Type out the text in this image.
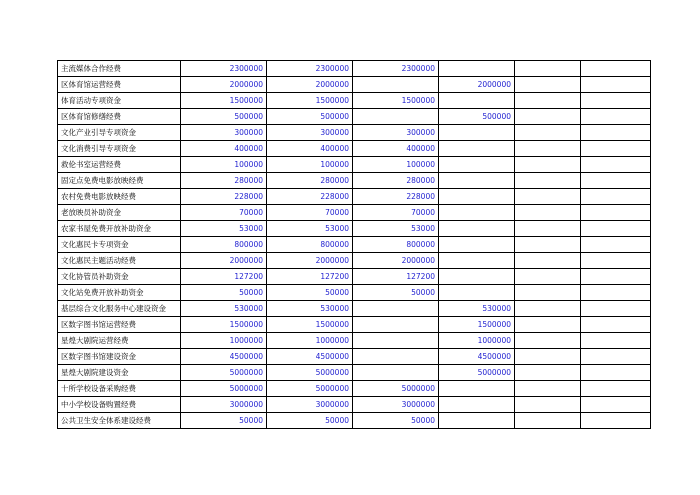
主流媒体合作经费	2300000	2300000	2300000			
区体育馆运营经费	2000000	2000000		2000000		
体育活动专项资金	1500000	1500000	1500000			
区体育馆修缮经费	500000	500000		500000		
文化产业引导专项资金	300000	300000	300000			
文化消费引导专项资金	400000	400000	400000			
救伦书室运营经费	100000	100000	100000			
固定点免费电影放映经费	280000	280000	280000			
农村免费电影放映经费	228000	228000	228000			
老放映员补助资金	70000	70000	70000			
农家书屋免费开放补助资金	53000	53000	53000			
文化惠民卡专项资金	800000	800000	800000			
文化惠民主题活动经费	2000000	2000000	2000000			
文化协管员补助资金	127200	127200	127200			
文化站免费开放补助资金	50000	50000	50000			
基层综合文化服务中心建设资金	530000	530000		530000		
区数字图书馆运营经费	1500000	1500000		1500000		
星煌大剧院运营经费	1000000	1000000		1000000		
区数字图书馆建设资金	4500000	4500000		4500000		
星煌大剧院建设资金	5000000	5000000		5000000		
十所学校设备采购经费	5000000	5000000	5000000			
中小学校设备购置经费	3000000	3000000	3000000			
公共卫生安全体系建设经费	50000	50000	50000			
